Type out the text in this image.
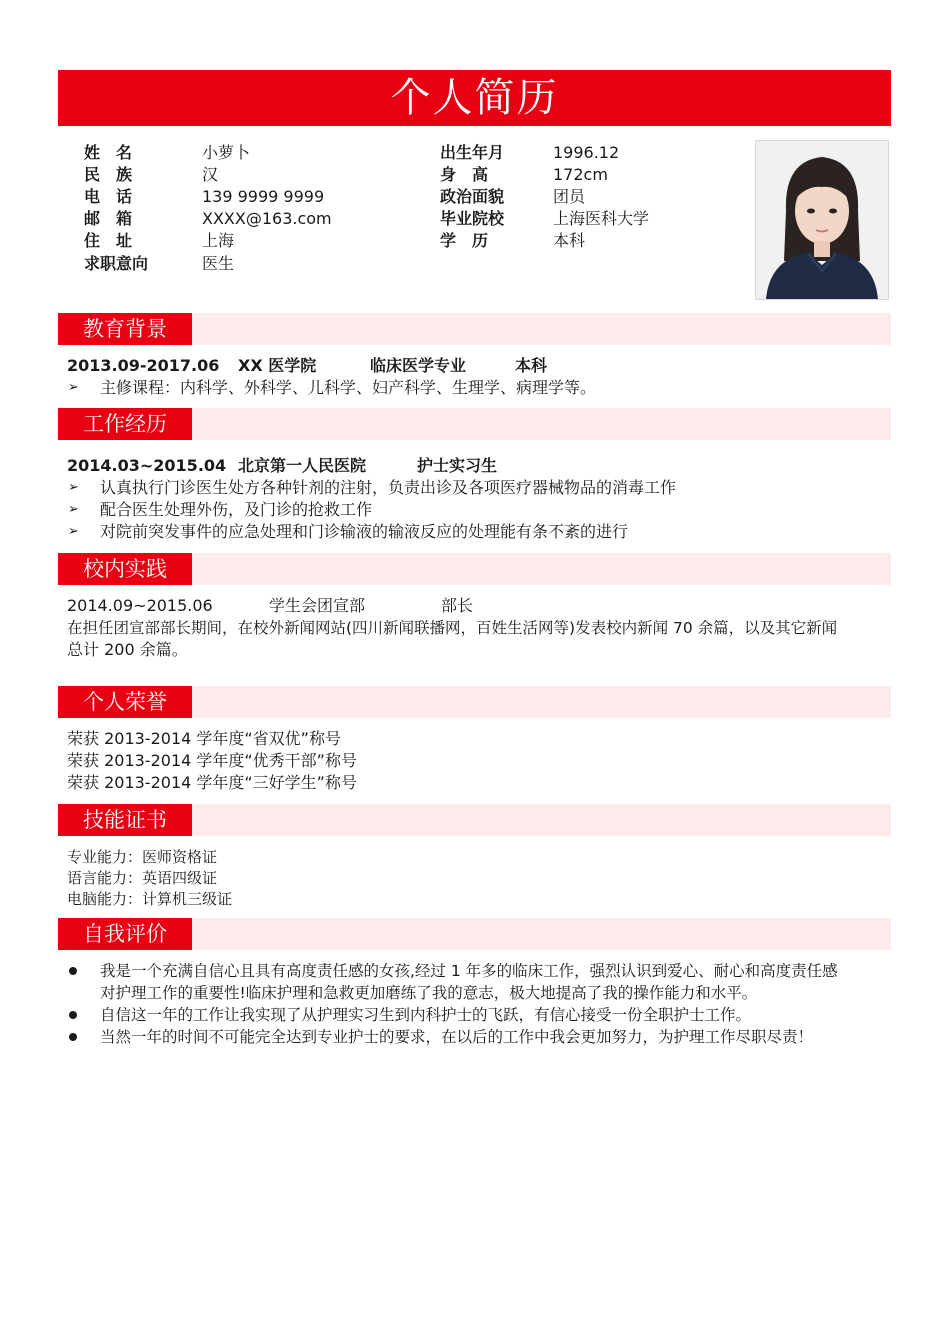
个人简历
姓　名	小萝卜
民　族	汉
电　话	139 9999 9999
邮　箱	XXXX@163.com
住　址	上海
求职意向	医生
出生年月	1996.12
身　高	172cm
政治面貌	团员
毕业院校	上海医科大学
学　历	本科
教育背景
2013.09-2017.06 XX 医学院	临床医学专业	本科
➢ 主修课程：内科学、外科学、儿科学、妇产科学、生理学、病理学等。
工作经历
2014.03~2015.04 北京第一人民医院	护士实习生
➢ 认真执行门诊医生处方各种针剂的注射，负责出诊及各项医疗器械物品的消毒工作
➢ 配合医生处理外伤，及门诊的抢救工作
➢ 对院前突发事件的应急处理和门诊输液的输液反应的处理能有条不紊的进行
校内实践
2014.09~2015.06	学生会团宣部	部长
在担任团宣部部长期间，在校外新闻网站(四川新闻联播网，百姓生活网等)发表校内新闻 70 余篇，以及其它新闻
总计 200 余篇。
个人荣誉
荣获 2013-2014 学年度“省双优”称号
荣获 2013-2014 学年度“优秀干部”称号
荣获 2013-2014 学年度“三好学生”称号
技能证书
专业能力：医师资格证
语言能力：英语四级证
电脑能力：计算机三级证
自我评价
我是一个充满自信心且具有高度责任感的女孩,经过 1 年多的临床工作，强烈认识到爱心、耐心和高度责任感
对护理工作的重要性!临床护理和急救更加磨练了我的意志，极大地提高了我的操作能力和水平。
自信这一年的工作让我实现了从护理实习生到内科护士的飞跃，有信心接受一份全职护士工作。
当然一年的时间不可能完全达到专业护士的要求，在以后的工作中我会更加努力，为护理工作尽职尽责！
